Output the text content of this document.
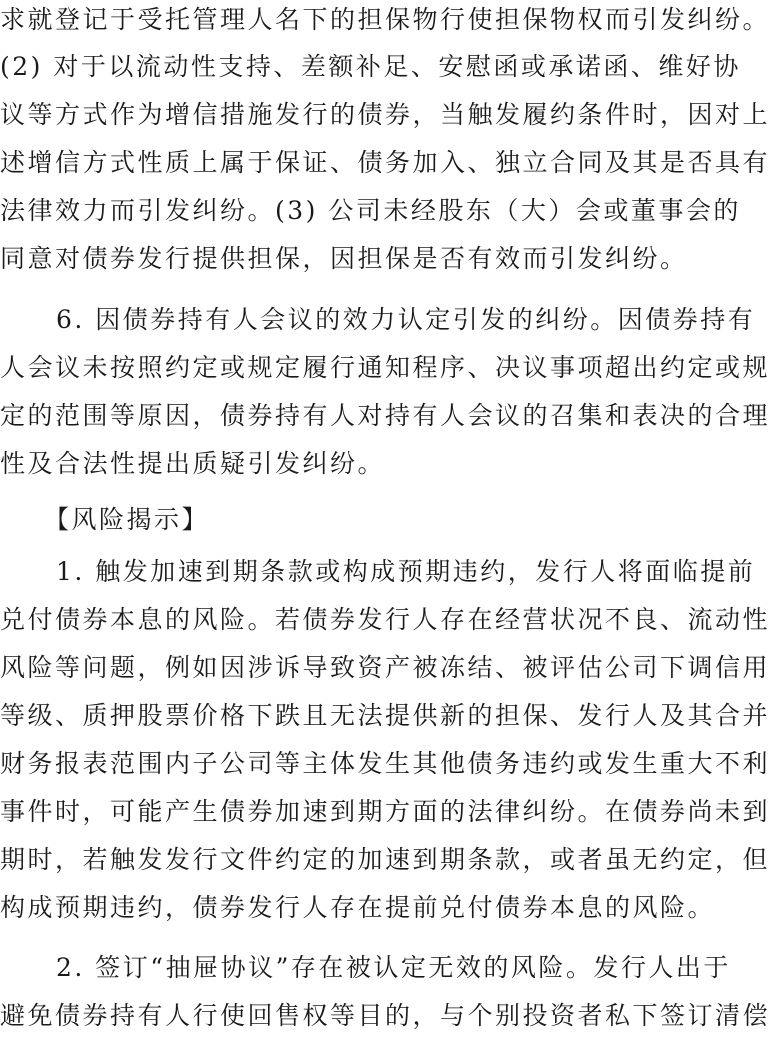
求就登记于受托管理人名下的担保物行使担保物权而引发纠纷。

(2) 对于以流动性支持、差额补足、安慰函或承诺函、维好协

议等方式作为增信措施发行的债券，当触发履约条件时，因对上

述增信方式性质上属于保证、债务加入、独立合同及其是否具有

法律效力而引发纠纷。(3) 公司未经股东（大）会或董事会的

同意对债券发行提供担保，因担保是否有效而引发纠纷。

6. 因债券持有人会议的效力认定引发的纠纷。因债券持有

人会议未按照约定或规定履行通知程序、决议事项超出约定或规

定的范围等原因，债券持有人对持有人会议的召集和表决的合理

性及合法性提出质疑引发纠纷。

【风险揭示】

1. 触发加速到期条款或构成预期违约，发行人将面临提前

兑付债券本息的风险。若债券发行人存在经营状况不良、流动性

风险等问题，例如因涉诉导致资产被冻结、被评估公司下调信用

等级、质押股票价格下跌且无法提供新的担保、发行人及其合并

财务报表范围内子公司等主体发生其他债务违约或发生重大不利

事件时，可能产生债券加速到期方面的法律纠纷。在债券尚未到

期时，若触发发行文件约定的加速到期条款，或者虽无约定，但

构成预期违约，债券发行人存在提前兑付债券本息的风险。

2. 签订“抽屉协议”存在被认定无效的风险。发行人出于

避免债券持有人行使回售权等目的，与个别投资者私下签订清偿
